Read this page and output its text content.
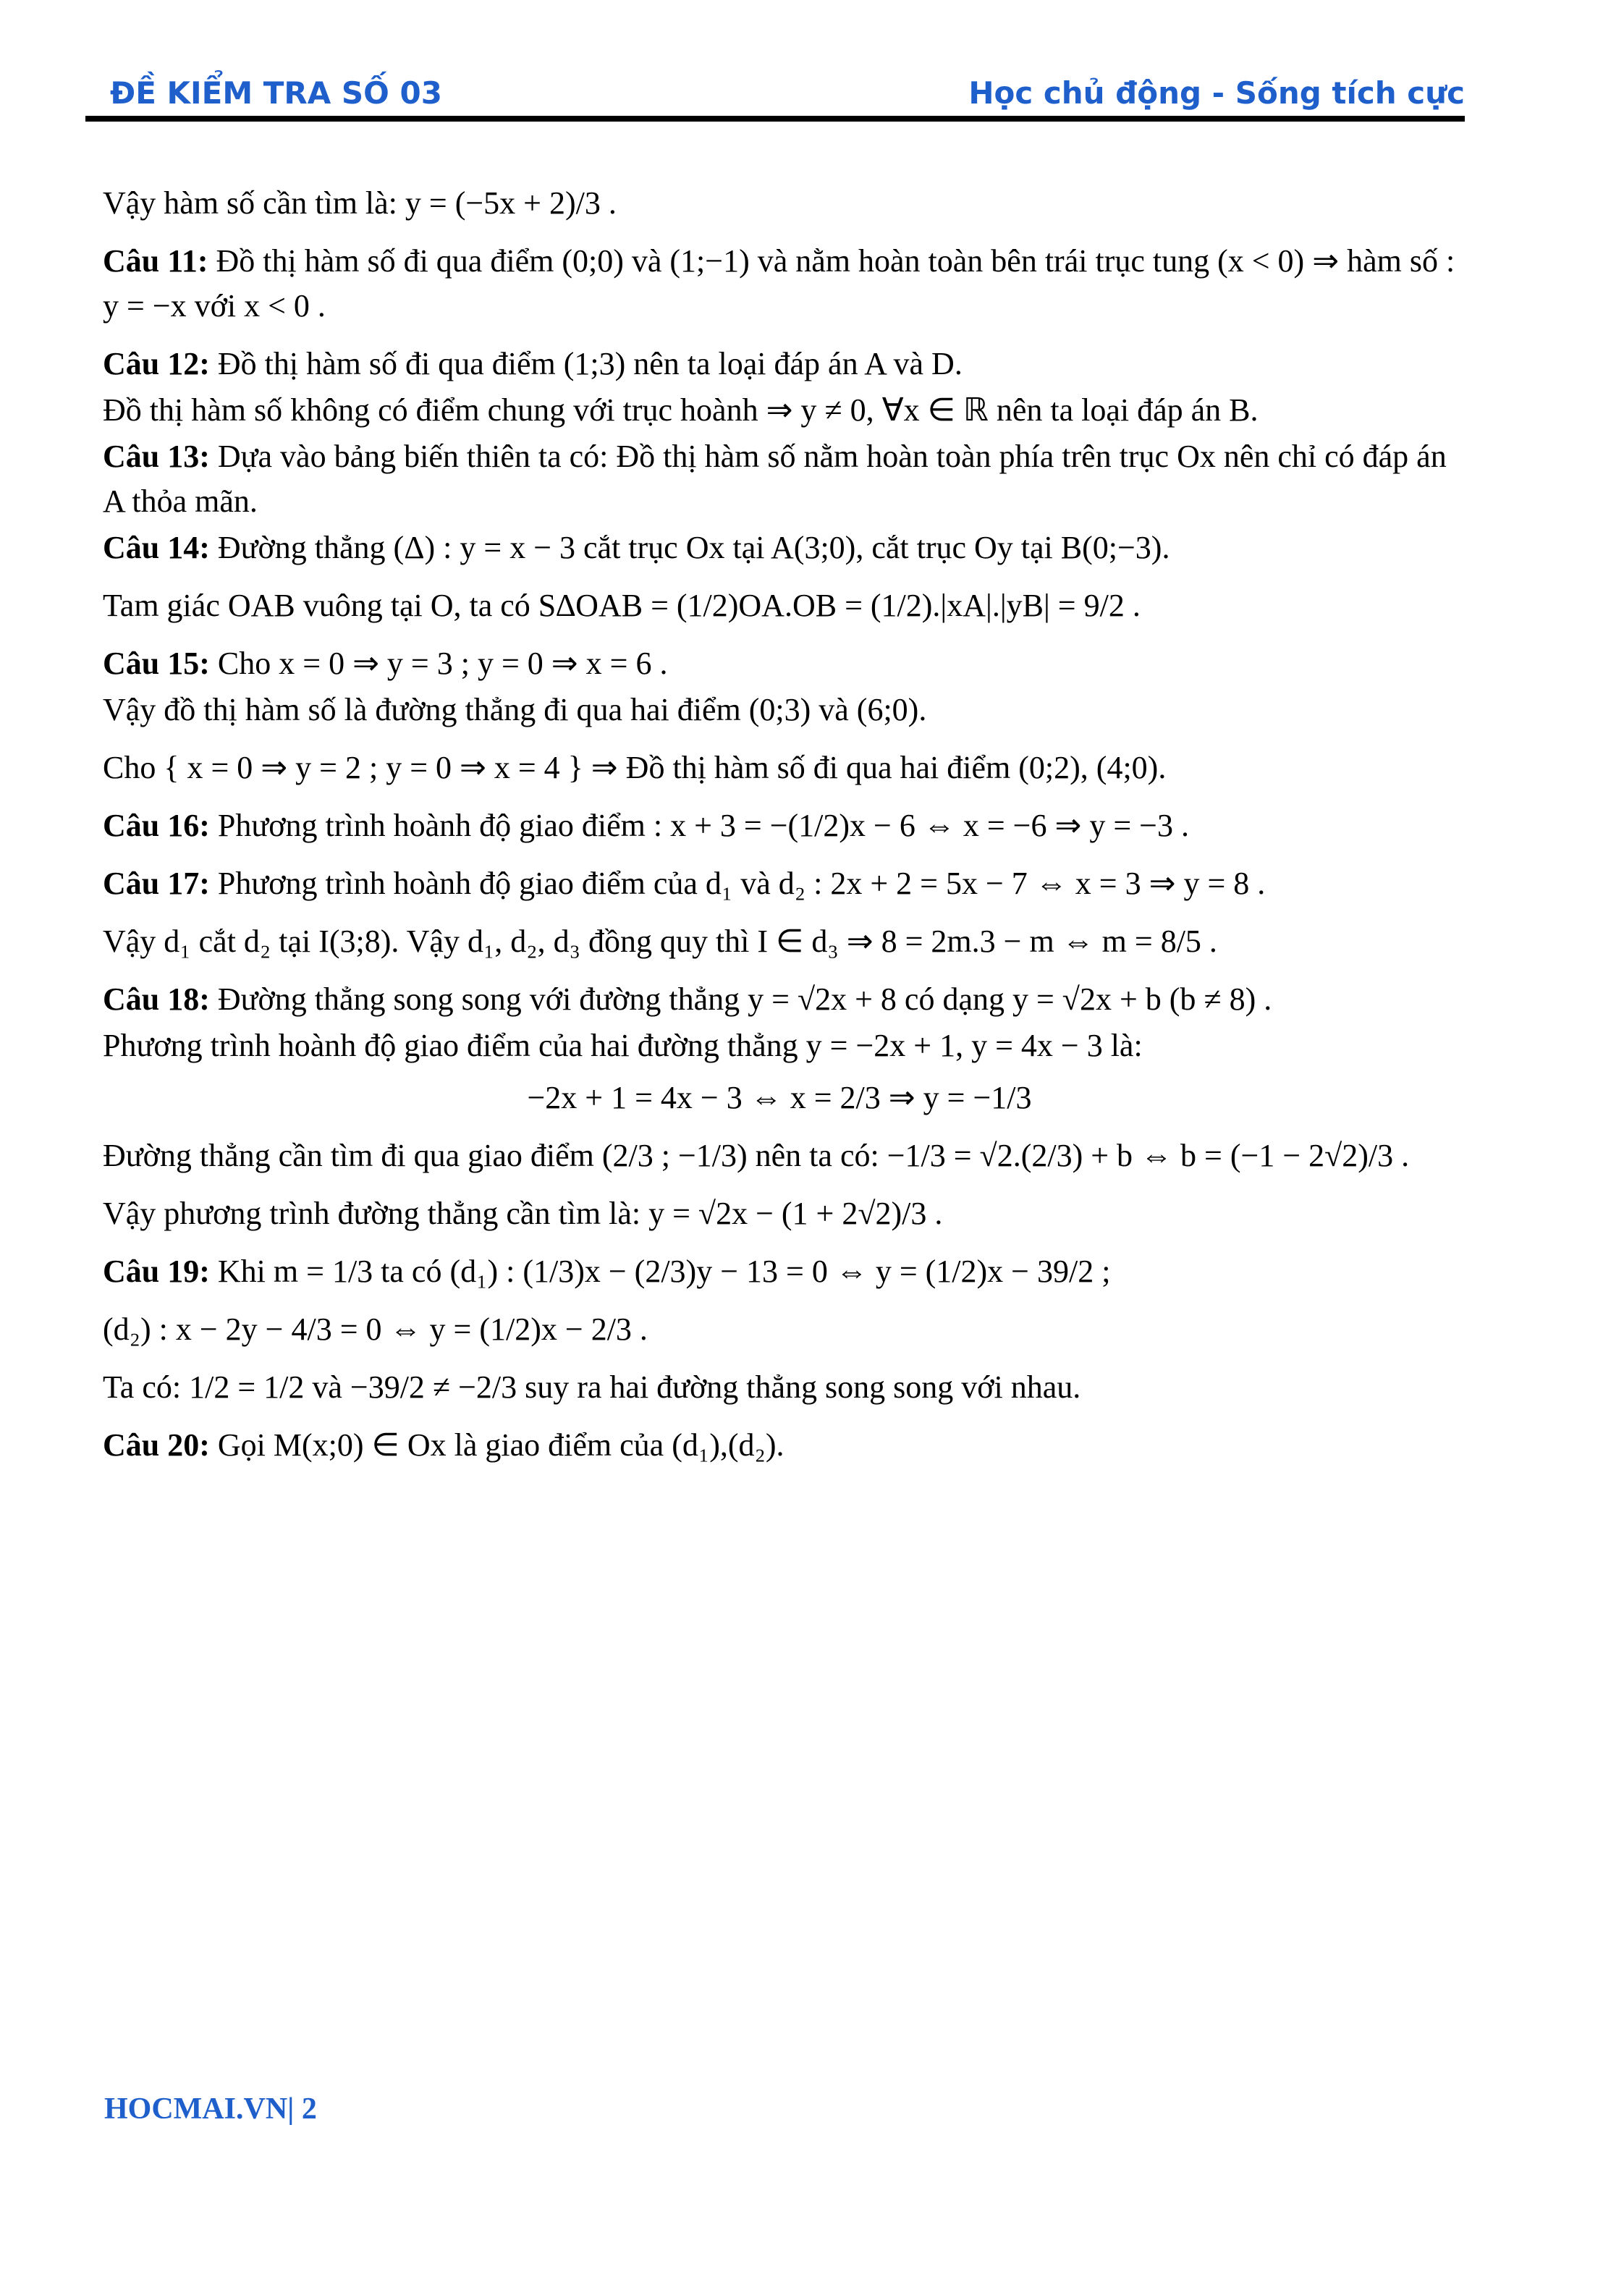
ĐỀ KIỂM TRA SỐ 03	Học chủ động - Sống tích cực

Vậy hàm số cần tìm là: y = (−5x + 2)/3 .

Câu 11: Đồ thị hàm số đi qua điểm (0;0) và (1;−1) và nằm hoàn toàn bên trái trục tung (x < 0) ⇒ hàm số : y = −x với x < 0 .

Câu 12: Đồ thị hàm số đi qua điểm (1;3) nên ta loại đáp án A và D.

Đồ thị hàm số không có điểm chung với trục hoành ⇒ y ≠ 0, ∀x ∈ ℝ nên ta loại đáp án B.

Câu 13: Dựa vào bảng biến thiên ta có: Đồ thị hàm số nằm hoàn toàn phía trên trục Ox nên chỉ có đáp án A thỏa mãn.

Câu 14: Đường thẳng (Δ) : y = x − 3 cắt trục Ox tại A(3;0), cắt trục Oy tại B(0;−3).

Tam giác OAB vuông tại O, ta có S∆OAB = (1/2)OA.OB = (1/2).|xA|.|yB| = 9/2 .

Câu 15: Cho x = 0 ⇒ y = 3 ; y = 0 ⇒ x = 6 .

Vậy đồ thị hàm số là đường thẳng đi qua hai điểm (0;3) và (6;0).

Cho { x = 0 ⇒ y = 2 ; y = 0 ⇒ x = 4 } ⇒ Đồ thị hàm số đi qua hai điểm (0;2), (4;0).

Câu 16: Phương trình hoành độ giao điểm : x + 3 = −(1/2)x − 6 ⇔ x = −6 ⇒ y = −3 .

Câu 17: Phương trình hoành độ giao điểm của d₁ và d₂ : 2x + 2 = 5x − 7 ⇔ x = 3 ⇒ y = 8 .

Vậy d₁ cắt d₂ tại I(3;8). Vậy d₁, d₂, d₃ đồng quy thì I ∈ d₃ ⇒ 8 = 2m.3 − m ⇔ m = 8/5 .

Câu 18: Đường thẳng song song với đường thẳng y = √2x + 8 có dạng y = √2x + b (b ≠ 8) .

Phương trình hoành độ giao điểm của hai đường thẳng y = −2x + 1, y = 4x − 3 là:

−2x + 1 = 4x − 3 ⇔ x = 2/3 ⇒ y = −1/3

Đường thẳng cần tìm đi qua giao điểm (2/3 ; −1/3) nên ta có: −1/3 = √2.(2/3) + b ⇔ b = (−1 − 2√2)/3 .

Vậy phương trình đường thẳng cần tìm là: y = √2x − (1 + 2√2)/3 .

Câu 19: Khi m = 1/3 ta có (d₁) : (1/3)x − (2/3)y − 13 = 0 ⇔ y = (1/2)x − 39/2 ;

(d₂) : x − 2y − 4/3 = 0 ⇔ y = (1/2)x − 2/3 .

Ta có: 1/2 = 1/2 và −39/2 ≠ −2/3 suy ra hai đường thẳng song song với nhau.

Câu 20: Gọi M(x;0) ∈ Ox là giao điểm của (d₁),(d₂).

HOCMAI.VN| 2
